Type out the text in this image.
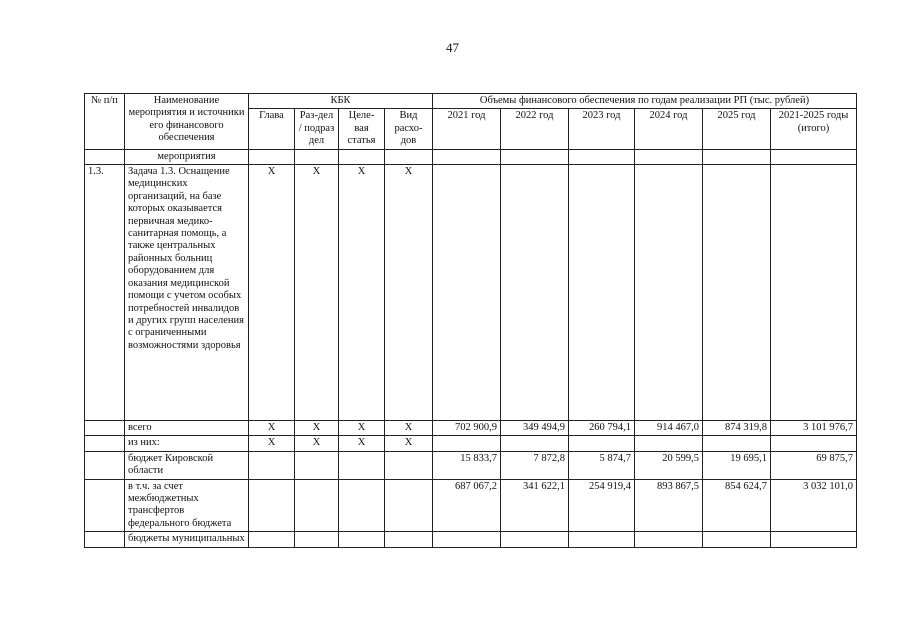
47
№ п/п	Наименование мероприятия и источники его финансового обеспечения	КБК				Объемы финансового обеспечения по годам реализации РП (тыс. рублей)					
		Глава	Раз-дел / подраз дел	Целе-вая статья	Вид расхо-дов	2021 год	2022 год	2023 год	2024 год	2025 год	2021-2025 годы (итого)
	мероприятия										
1.3.	Задача 1.3. Оснащение медицинских организаций, на базе которых оказывается первичная медико-санитарная помощь, а также центральных районных больниц оборудованием для оказания медицинской помощи с учетом особых потребностей инвалидов и других групп населения с ограниченными возможностями здоровья	X	X	X	X						
	всего	X	X	X	X	702 900,9	349 494,9	260 794,1	914 467,0	874 319,8	3 101 976,7
	из них:	X	X	X	X						
	бюджет Кировской области					15 833,7	7 872,8	5 874,7	20 599,5	19 695,1	69 875,7
	в т.ч. за счет межбюджетных трансфертов федерального бюджета					687 067,2	341 622,1	254 919,4	893 867,5	854 624,7	3 032 101,0
	бюджеты муниципальных										
